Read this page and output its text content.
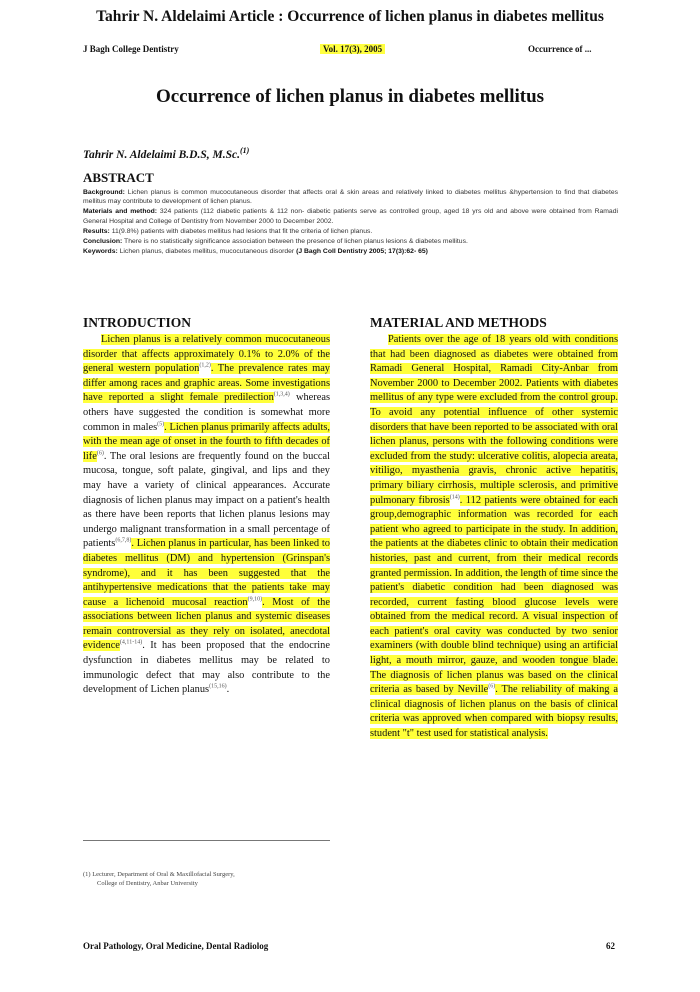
Tahrir N. Aldelaimi Article : Occurrence of lichen planus in diabetes mellitus
J Bagh College Dentistry	Vol. 17(3), 2005	Occurrence of ...
Occurrence of lichen planus in diabetes mellitus
Tahrir N. Aldelaimi B.D.S, M.Sc.$^{(1)}$
ABSTRACT

Background: Lichen planus is common mucocutaneous disorder that affects oral & skin areas and relatively linked to diabetes mellitus &hypertension to find that diabetes mellitus may contribute to development of lichen planus.

Materials and method: 324 patients (112 diabetic patients & 112 non- diabetic patients serve as controlled group, aged 18 yrs old and above were obtained from Ramadi General Hospital and College of Dentistry from November 2000 to December 2002.

Results: 11(9.8%) patients with diabetes mellitus had lesions that fit the criteria of lichen planus.

Conclusion: There is no statistically significance association between the presence of lichen planus lesions & diabetes mellitus.

Keywords: Lichen planus, diabetes mellitus, mucocutaneous disorder (J Bagh Coll Dentistry 2005; 17(3):62- 65)

INTRODUCTION	MATERIAL AND METHODS

Lichen planus is a relatively common mucocutaneous disorder that affects approximately 0.1% to 2.0% of the general western population$^{(1,2)}$. The prevalence rates may differ among races and graphic areas. Some investigations have reported a slight female predilection$^{(1,3,4)}$ whereas others have suggested the condition is somewhat more common in males$^{(5)}$. Lichen planus primarily affects adults, with the mean age of onset in the fourth to fifth decades of life$^{(6)}$. The oral lesions are frequently found on the buccal mucosa, tongue, soft palate, gingival, and lips and they may have a variety of clinical appearances. Accurate diagnosis of lichen planus may impact on a patient's health as there have been reports that lichen planus lesions may undergo malignant transformation in a small percentage of patients$^{(6,7,8)}$. Lichen planus in particular, has been linked to diabetes mellitus (DM) and hypertension (Grinspan's syndrome), and it has been suggested that the antihypertensive medications that the patients take may cause a lichenoid mucosal reaction$^{(9,10)}$. Most of the associations between lichen planus and systemic diseases remain controversial as they rely on isolated, anecdotal evidence$^{(4,11-14)}$. It has been proposed that the endocrine dysfunction in diabetes mellitus may be related to immunologic defect that may also contribute to the development of Lichen planus$^{(15,16)}$.

Patients over the age of 18 years old with conditions that had been diagnosed as diabetes were obtained from Ramadi General Hospital, Ramadi City-Anbar from November 2000 to December 2002. Patients with diabetes mellitus of any type were excluded from the control group. To avoid any potential influence of other systemic disorders that have been reported to be associated with oral lichen planus, persons with the following conditions were excluded from the study: ulcerative colitis, alopecia areata, vitiligo, myasthenia gravis, chronic active hepatitis, primary biliary cirrhosis, multiple sclerosis, and primitive pulmonary fibrosis$^{(14)}$. 112 patients were obtained for each group,demographic information was recorded for each patient who agreed to participate in the study. In addition, the patients at the diabetes clinic to obtain their medication histories, past and current, from their medical records granted permission. In addition, the length of time since the patient's diabetic condition had been diagnosed was recorded, current fasting blood glucose levels were obtained from the medical record. A visual inspection of each patient's oral cavity was conducted by two senior examiners (with double blind technique) using an artificial light, a mouth mirror, gauze, and wooden tongue blade. The diagnosis of lichen planus was based on the clinical criteria as based by Neville$^{(6)}$. The reliability of making a clinical diagnosis of lichen planus on the basis of clinical criteria was approved when compared with biopsy results, student "t" test used for statistical analysis.

(1) Lecturer, Department of Oral & Maxillofacial Surgery,
College of Dentistry, Anbar University
Oral Pathology, Oral Medicine, Dental Radiolog	62
